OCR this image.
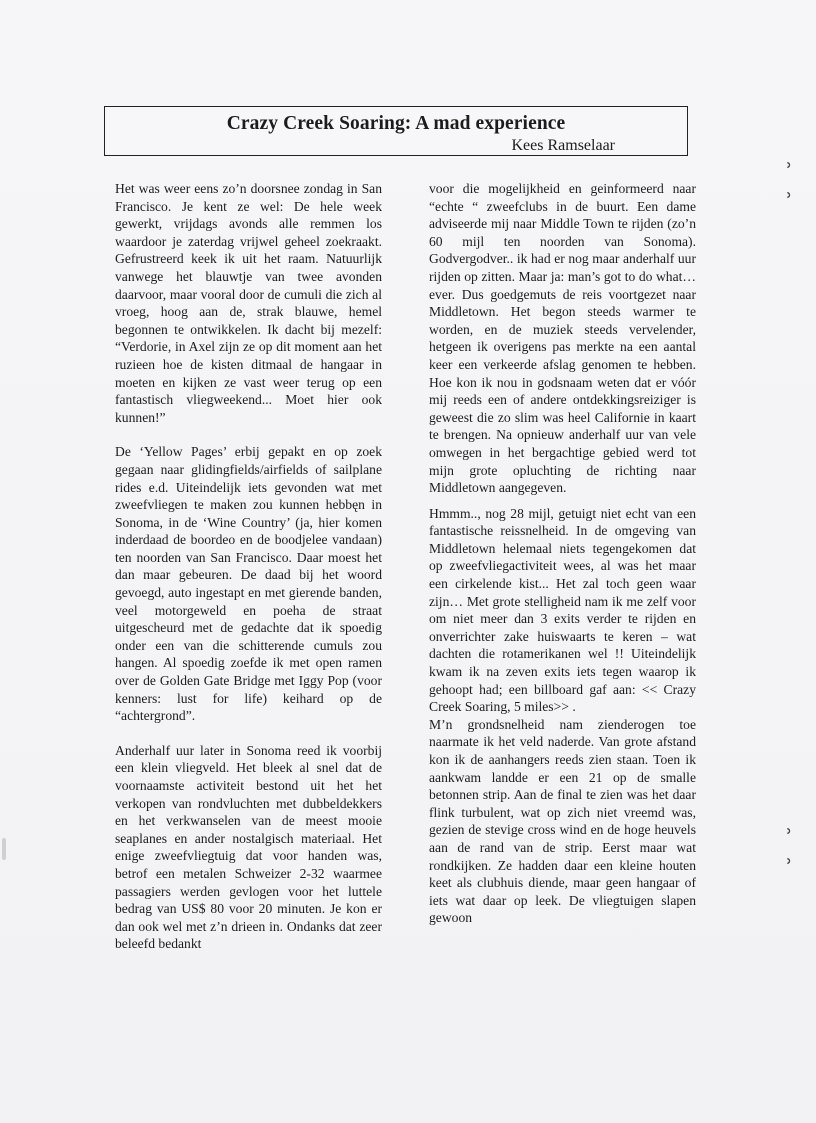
Crazy Creek Soaring: A mad experience
Kees Ramselaar

Het was weer eens zo’n doorsnee zondag in San Francisco. Je kent ze wel: De hele week gewerkt, vrijdags avonds alle remmen los waardoor je zaterdag vrijwel geheel zoekraakt. Gefrustreerd keek ik uit het raam. Natuurlijk vanwege het blauwtje van twee avonden daarvoor, maar vooral door de cumuli die zich al vroeg, hoog aan de, strak blauwe, hemel begonnen te ontwikkelen. Ik dacht bij mezelf: “Verdorie, in Axel zijn ze op dit moment aan het ruzieen hoe de kisten ditmaal de hangaar in moeten en kijken ze vast weer terug op een fantastisch vliegweekend... Moet hier ook kunnen!”

De ‘Yellow Pages’ erbij gepakt en op zoek gegaan naar glidingfields/airfields of sailplane rides e.d. Uiteindelijk iets gevonden wat met zweefvliegen te maken zou kunnen hebbęn in Sonoma, in de ‘Wine Country’ (ja, hier komen inderdaad de boordeo en de boodjelee vandaan) ten noorden van San Francisco. Daar moest het dan maar gebeuren. De daad bij het woord gevoegd, auto ingestapt en met gierende banden, veel motorgeweld en poeha de straat uitgescheurd met de gedachte dat ik spoedig onder een van die schitterende cumuls zou hangen. Al spoedig zoefde ik met open ramen over de Golden Gate Bridge met Iggy Pop (voor kenners: lust for life) keihard op de “achtergrond”.

Anderhalf uur later in Sonoma reed ik voorbij een klein vliegveld. Het bleek al snel dat de voornaamste activiteit bestond uit het het verkopen van rondvluchten met dubbeldekkers en het verkwanselen van de meest mooie seaplanes en ander nostalgisch materiaal. Het enige zweefvliegtuig dat voor handen was, betrof een metalen Schweizer 2-32 waarmee passagiers werden gevlogen voor het luttele bedrag van US$ 80 voor 20 minuten. Je kon er dan ook wel met z’n drieen in. Ondanks dat zeer beleefd bedankt

voor die mogelijkheid en geinformeerd naar “echte “ zweefclubs in de buurt. Een dame adviseerde mij naar Middle Town te rijden (zo’n 60 mijl ten noorden van Sonoma). Godvergodver.. ik had er nog maar anderhalf uur rijden op zitten. Maar ja: man’s got to do what…ever. Dus goedgemuts de reis voortgezet naar Middletown. Het begon steeds warmer te worden, en de muziek steeds vervelender, hetgeen ik overigens pas merkte na een aantal keer een verkeerde afslag genomen te hebben. Hoe kon ik nou in godsnaam weten dat er vóór mij reeds een of andere ontdekkingsreiziger is geweest die zo slim was heel Californie in kaart te brengen. Na opnieuw anderhalf uur van vele omwegen in het bergachtige gebied werd tot mijn grote opluchting de richting naar Middletown aangegeven.

Hmmm.., nog 28 mijl, getuigt niet echt van een fantastische reissnelheid. In de omgeving van Middletown helemaal niets tegengekomen dat op zweefvliegactiviteit wees, al was het maar een cirkelende kist... Het zal toch geen waar zijn… Met grote stelligheid nam ik me zelf voor om niet meer dan 3 exits verder te rijden en onverrichter zake huiswaarts te keren – wat dachten die rotamerikanen wel !! Uiteindelijk kwam ik na zeven exits iets tegen waarop ik gehoopt had; een billboard gaf aan: << Crazy Creek Soaring, 5 miles>> .

M’n grondsnelheid nam zienderogen toe naarmate ik het veld naderde. Van grote afstand kon ik de aanhangers reeds zien staan. Toen ik aankwam landde er een 21 op de smalle betonnen strip. Aan de final te zien was het daar flink turbulent, wat op zich niet vreemd was, gezien de stevige cross wind en de hoge heuvels aan de rand van de strip. Eerst maar wat rondkijken. Ze hadden daar een kleine houten keet als clubhuis diende, maar geen hangaar of iets wat daar op leek. De vliegtuigen slapen gewoon

ʾ
ʾ
ʾ
ʾ
